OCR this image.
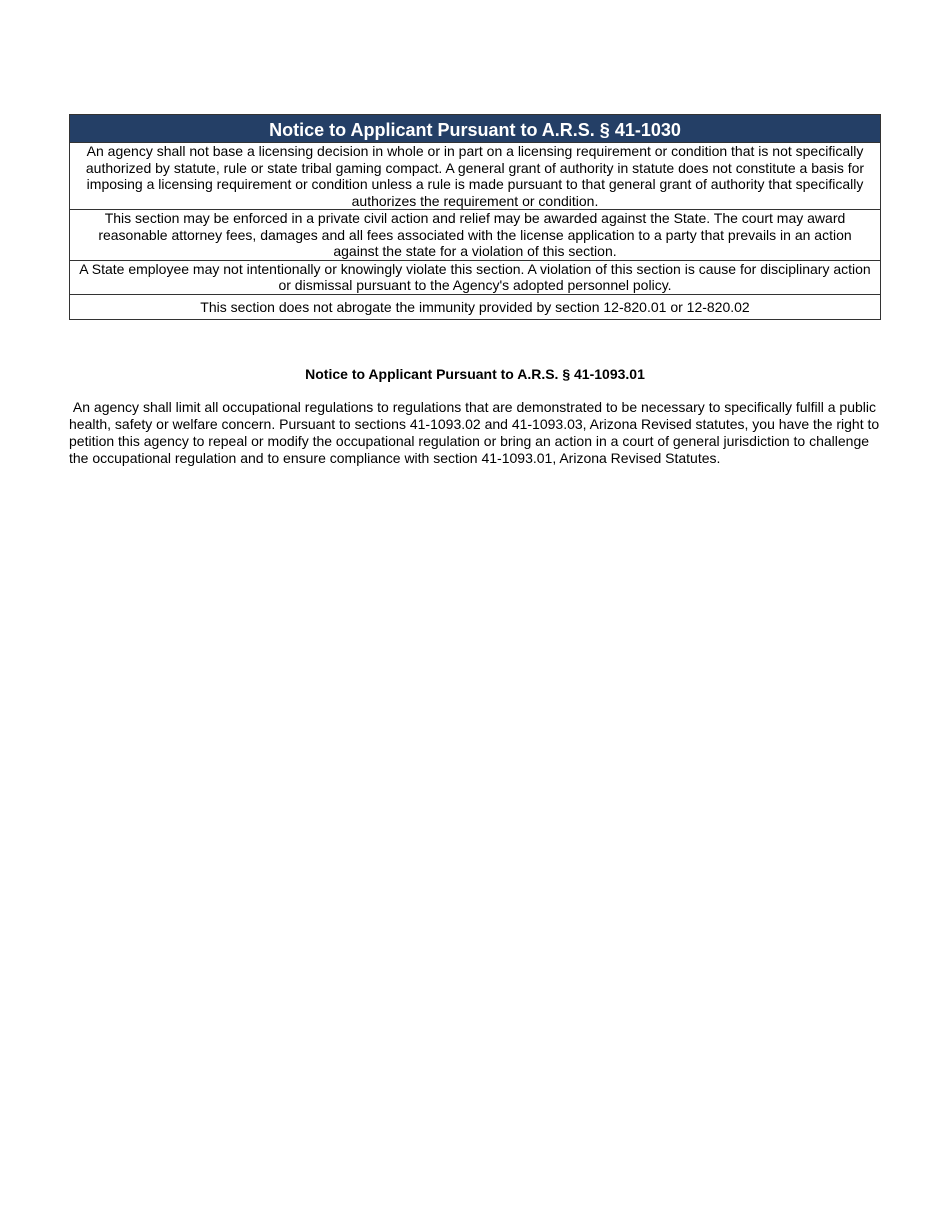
Notice to Applicant Pursuant to A.R.S. § 41-1030
An agency shall not base a licensing decision in whole or in part on a licensing requirement or condition that is not specifically authorized by statute, rule or state tribal gaming compact. A general grant of authority in statute does not constitute a basis for imposing a licensing requirement or condition unless a rule is made pursuant to that general grant of authority that specifically authorizes the requirement or condition.
This section may be enforced in a private civil action and relief may be awarded against the State. The court may award reasonable attorney fees, damages and all fees associated with the license application to a party that prevails in an action against the state for a violation of this section.
A State employee may not intentionally or knowingly violate this section. A violation of this section is cause for disciplinary action or dismissal pursuant to the Agency's adopted personnel policy.
This section does not abrogate the immunity provided by section 12-820.01 or 12-820.02
Notice to Applicant Pursuant to A.R.S. § 41-1093.01

An agency shall limit all occupational regulations to regulations that are demonstrated to be necessary to specifically fulfill a public health, safety or welfare concern. Pursuant to sections 41-1093.02 and 41-1093.03, Arizona Revised statutes, you have the right to petition this agency to repeal or modify the occupational regulation or bring an action in a court of general jurisdiction to challenge the occupational regulation and to ensure compliance with section 41-1093.01, Arizona Revised Statutes.
